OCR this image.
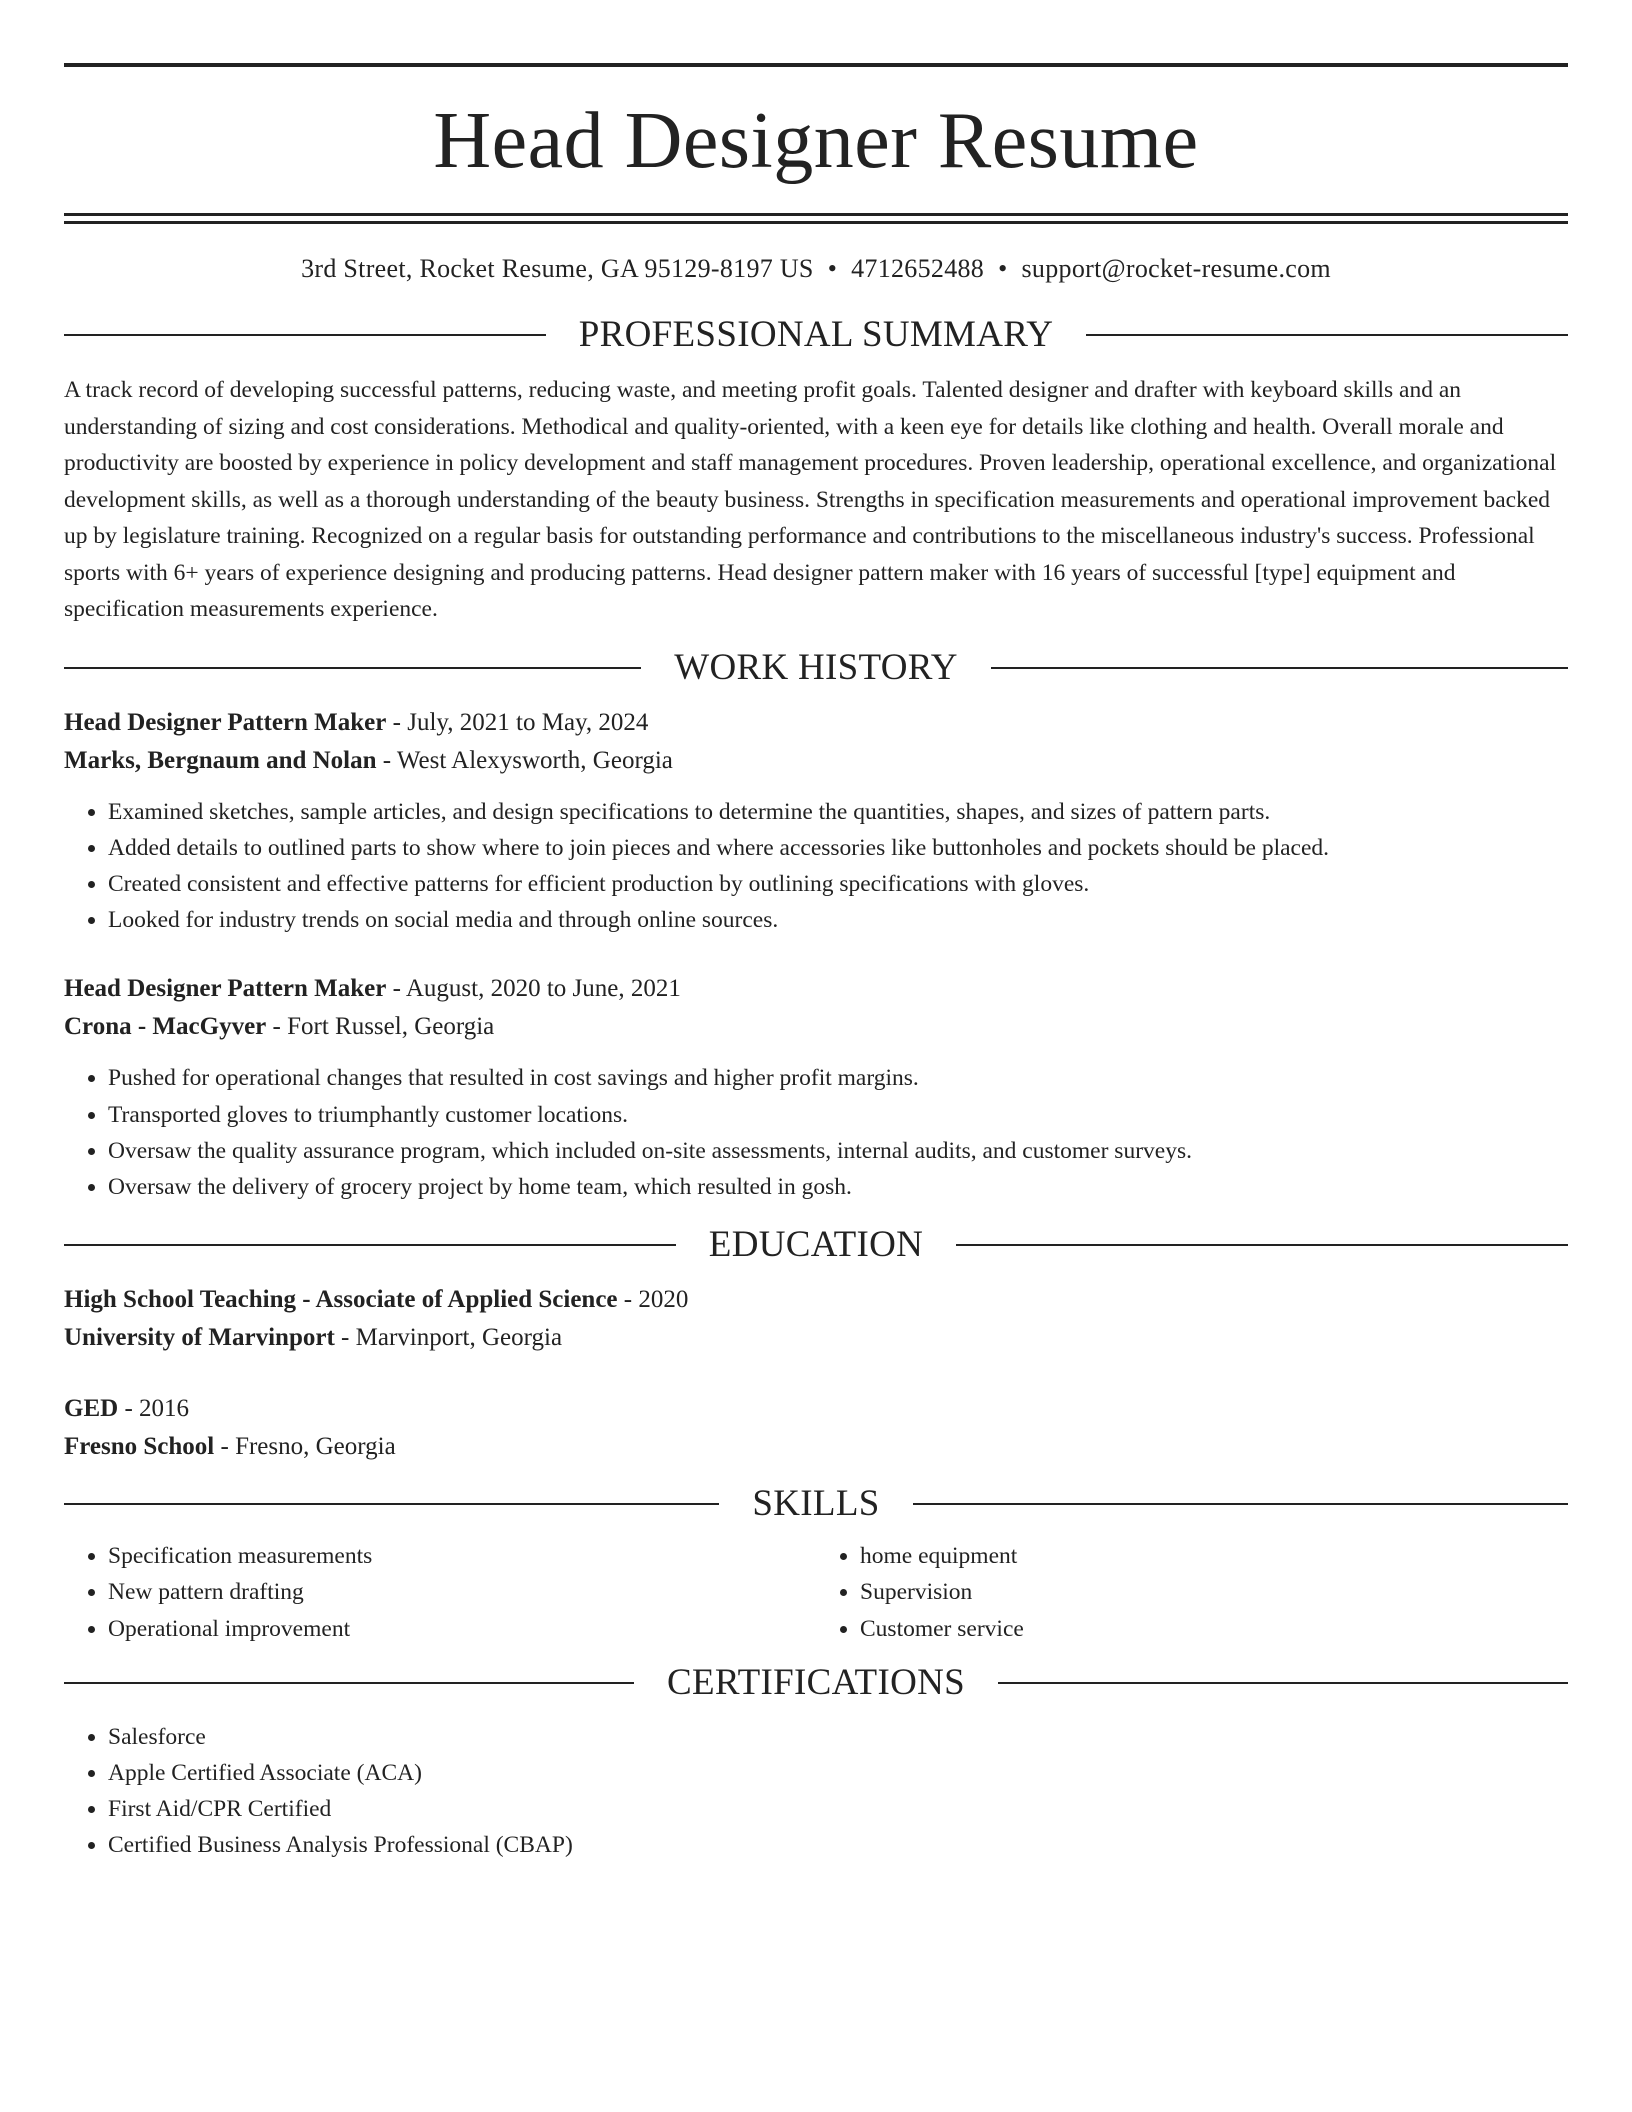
Head Designer Resume
3rd Street, Rocket Resume, GA 95129-8197 US • 4712652488 • support@rocket-resume.com
PROFESSIONAL SUMMARY
A track record of developing successful patterns, reducing waste, and meeting profit goals. Talented designer and drafter with keyboard skills and an understanding of sizing and cost considerations. Methodical and quality-oriented, with a keen eye for details like clothing and health. Overall morale and productivity are boosted by experience in policy development and staff management procedures. Proven leadership, operational excellence, and organizational development skills, as well as a thorough understanding of the beauty business. Strengths in specification measurements and operational improvement backed up by legislature training. Recognized on a regular basis for outstanding performance and contributions to the miscellaneous industry's success. Professional sports with 6+ years of experience designing and producing patterns. Head designer pattern maker with 16 years of successful [type] equipment and specification measurements experience.
WORK HISTORY
Head Designer Pattern Maker - July, 2021 to May, 2024
Marks, Bergnaum and Nolan - West Alexysworth, Georgia
• Examined sketches, sample articles, and design specifications to determine the quantities, shapes, and sizes of pattern parts.
• Added details to outlined parts to show where to join pieces and where accessories like buttonholes and pockets should be placed.
• Created consistent and effective patterns for efficient production by outlining specifications with gloves.
• Looked for industry trends on social media and through online sources.
Head Designer Pattern Maker - August, 2020 to June, 2021
Crona - MacGyver - Fort Russel, Georgia
• Pushed for operational changes that resulted in cost savings and higher profit margins.
• Transported gloves to triumphantly customer locations.
• Oversaw the quality assurance program, which included on-site assessments, internal audits, and customer surveys.
• Oversaw the delivery of grocery project by home team, which resulted in gosh.
EDUCATION
High School Teaching - Associate of Applied Science - 2020
University of Marvinport - Marvinport, Georgia
GED - 2016
Fresno School - Fresno, Georgia
SKILLS
• Specification measurements
• New pattern drafting
• Operational improvement
• home equipment
• Supervision
• Customer service
CERTIFICATIONS
• Salesforce
• Apple Certified Associate (ACA)
• First Aid/CPR Certified
• Certified Business Analysis Professional (CBAP)
